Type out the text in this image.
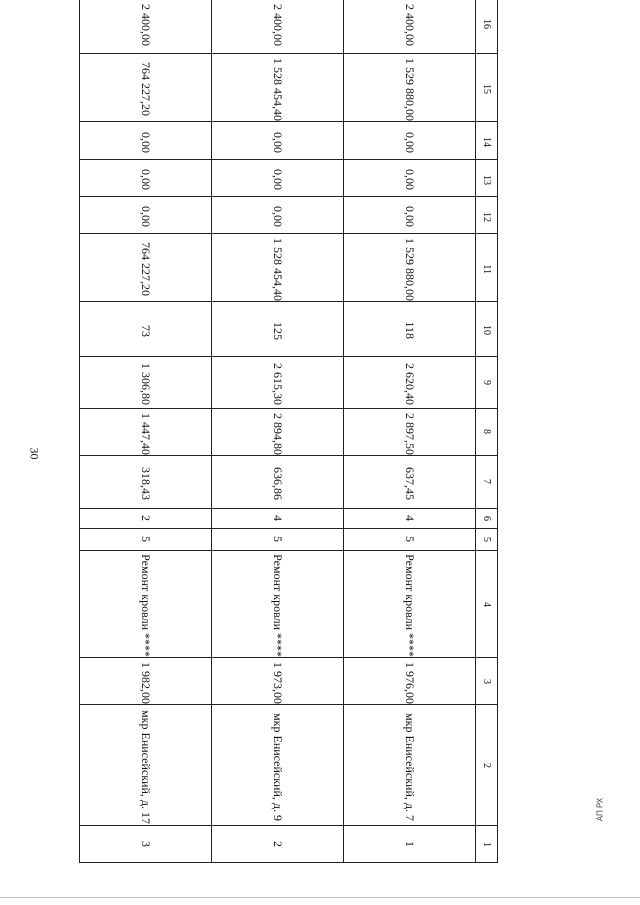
30
1	1	2	3
2	мкр Енисейский, д. 7	мкр Енисейский, д. 9	мкр Енисейский, д. 17
3	1 976,00	1 973,00	1 982,00
4	Ремонт кровли ****	Ремонт кровли ****	Ремонт кровли ****
5	5	5	5
6	4	4	2
7	637,45	636,86	318,43
8	2 897,50	2 894,80	1 447,40
9	2 620,40	2 615,30	1 306,80
10	118	125	73
11	1 529 880,00	1 528 454,40	764 227,20
12	0,00	0,00	0,00
13	0,00	0,00	0,00
14	0,00	0,00	0,00
15	1 529 880,00	1 528 454,40	764 227,20
16	2 400,00	2 400,00	2 400,00

АП РХ
